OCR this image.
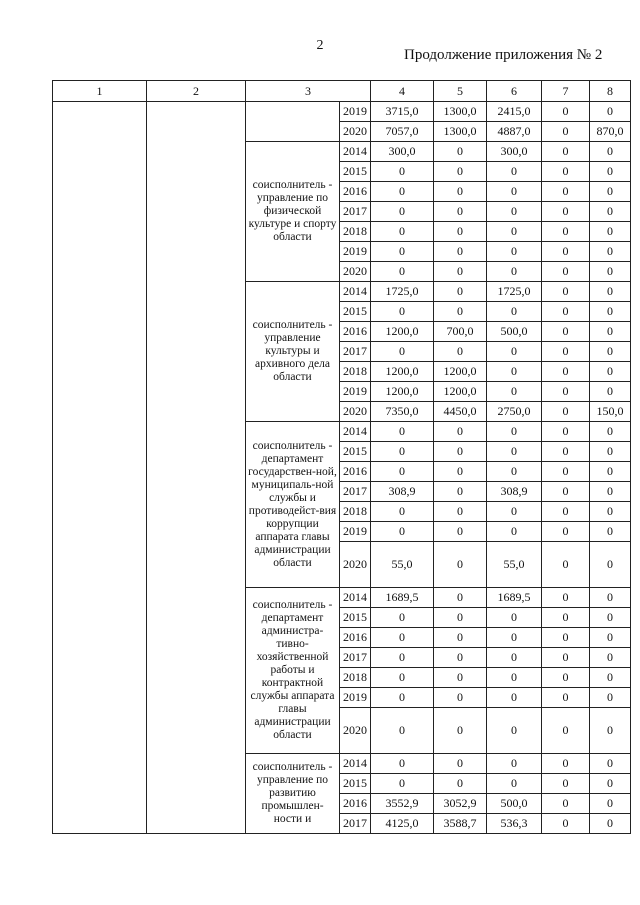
2
Продолжение приложения № 2
1	2	3		4	5	6	7	8
			2019	3715,0	1300,0	2415,0	0	0
			2020	7057,0	1300,0	4887,0	0	870,0
		соисполнитель - управление по физической культуре и спорту области	2014	300,0	0	300,0	0	0
			2015	0	0	0	0	0
			2016	0	0	0	0	0
			2017	0	0	0	0	0
			2018	0	0	0	0	0
			2019	0	0	0	0	0
			2020	0	0	0	0	0
		соисполнитель - управление культуры и архивного дела области	2014	1725,0	0	1725,0	0	0
			2015	0	0	0	0	0
			2016	1200,0	700,0	500,0	0	0
			2017	0	0	0	0	0
			2018	1200,0	1200,0	0	0	0
			2019	1200,0	1200,0	0	0	0
			2020	7350,0	4450,0	2750,0	0	150,0
		соисполнитель - департамент государствен-ной, муниципаль-ной службы и противодейст-вия коррупции аппарата главы администрации области	2014	0	0	0	0	0
			2015	0	0	0	0	0
			2016	0	0	0	0	0
			2017	308,9	0	308,9	0	0
			2018	0	0	0	0	0
			2019	0	0	0	0	0
			2020	55,0	0	55,0	0	0
		соисполнитель - департамент администра-тивно-хозяйственной работы и контрактной службы аппарата главы администрации области	2014	1689,5	0	1689,5	0	0
			2015	0	0	0	0	0
			2016	0	0	0	0	0
			2017	0	0	0	0	0
			2018	0	0	0	0	0
			2019	0	0	0	0	0
			2020	0	0	0	0	0
		соисполнитель - управление по развитию промышлен-ности и	2014	0	0	0	0	0
			2015	0	0	0	0	0
			2016	3552,9	3052,9	500,0	0	0
			2017	4125,0	3588,7	536,3	0	0
